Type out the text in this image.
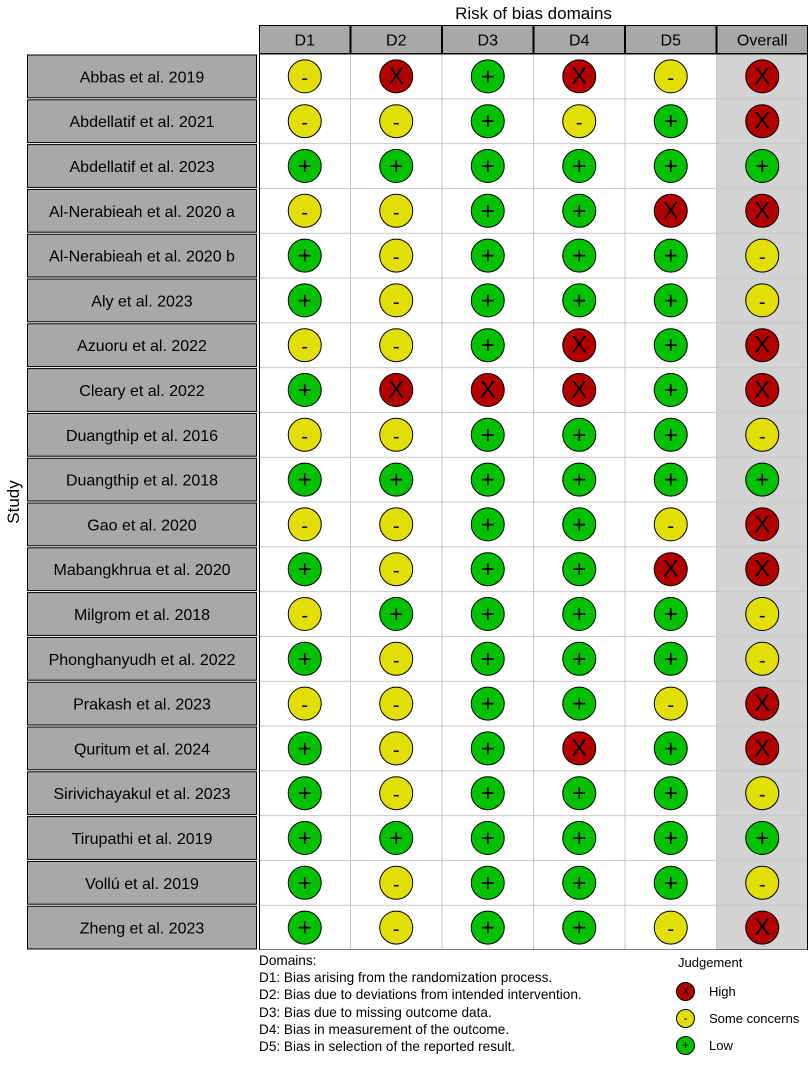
Risk of bias domains
Study
D1	D2	D3	D4	D5	Overall
Abbas et al. 2019	-	X	+	X	-	X
Abdellatif et al. 2021	-	-	+	-	+	X
Abdellatif et al. 2023	+	+	+	+	+	+
Al-Nerabieah et al. 2020 a	-	-	+	+	X	X
Al-Nerabieah et al. 2020 b	+	-	+	+	+	-
Aly et al. 2023	+	-	+	+	+	-
Azuoru et al. 2022	-	-	+	X	+	X
Cleary et al. 2022	+	X	X	X	+	X
Duangthip et al. 2016	-	-	+	+	+	-
Duangthip et al. 2018	+	+	+	+	+	+
Gao et al. 2020	-	-	+	+	-	X
Mabangkhrua et al. 2020	+	-	+	+	X	X
Milgrom et al. 2018	-	+	+	+	+	-
Phonghanyudh et al. 2022	+	-	+	+	+	-
Prakash et al. 2023	-	-	+	+	-	X
Quritum et al. 2024	+	-	+	X	+	X
Sirivichayakul et al. 2023	+	-	+	+	+	-
Tirupathi et al. 2019	+	+	+	+	+	+
Vollú et al. 2019	+	-	+	+	+	-
Zheng et al. 2023	+	-	+	+	-	X
Domains:
D1: Bias arising from the randomization process.
D2: Bias due to deviations from intended intervention.
D3: Bias due to missing outcome data.
D4: Bias in measurement of the outcome.
D5: Bias in selection of the reported result.
Judgement
X	High
-	Some concerns
+	Low
